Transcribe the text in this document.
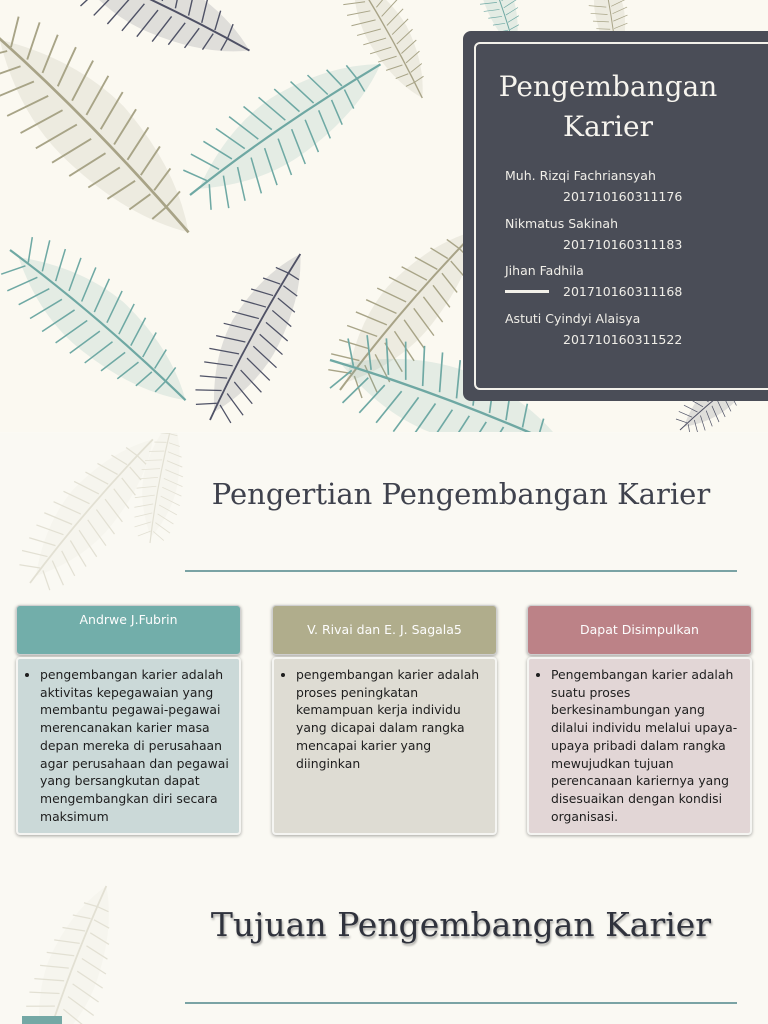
Pengembangan Karier
Muh. Rizqi Fachriansyah
201710160311176
Nikmatus Sakinah
201710160311183
Jihan Fadhila
201710160311168
Astuti Cyindyi Alaisya
201710160311522
Pengertian Pengembangan Karier
Andrwe J.Fubrin
• pengembangan karier adalah aktivitas kepegawaian yang membantu pegawai-pegawai merencanakan karier masa depan mereka di perusahaan agar perusahaan dan pegawai yang bersangkutan dapat mengembangkan diri secara maksimum
V. Rivai dan E. J. Sagala5
• pengembangan karier adalah proses peningkatan kemampuan kerja individu yang dicapai dalam rangka mencapai karier yang diinginkan
Dapat Disimpulkan
• Pengembangan karier adalah suatu proses berkesinambungan yang dilalui individu melalui upaya-upaya pribadi dalam rangka mewujudkan tujuan perencanaan kariernya yang disesuaikan dengan kondisi organisasi.
Tujuan Pengembangan Karier
